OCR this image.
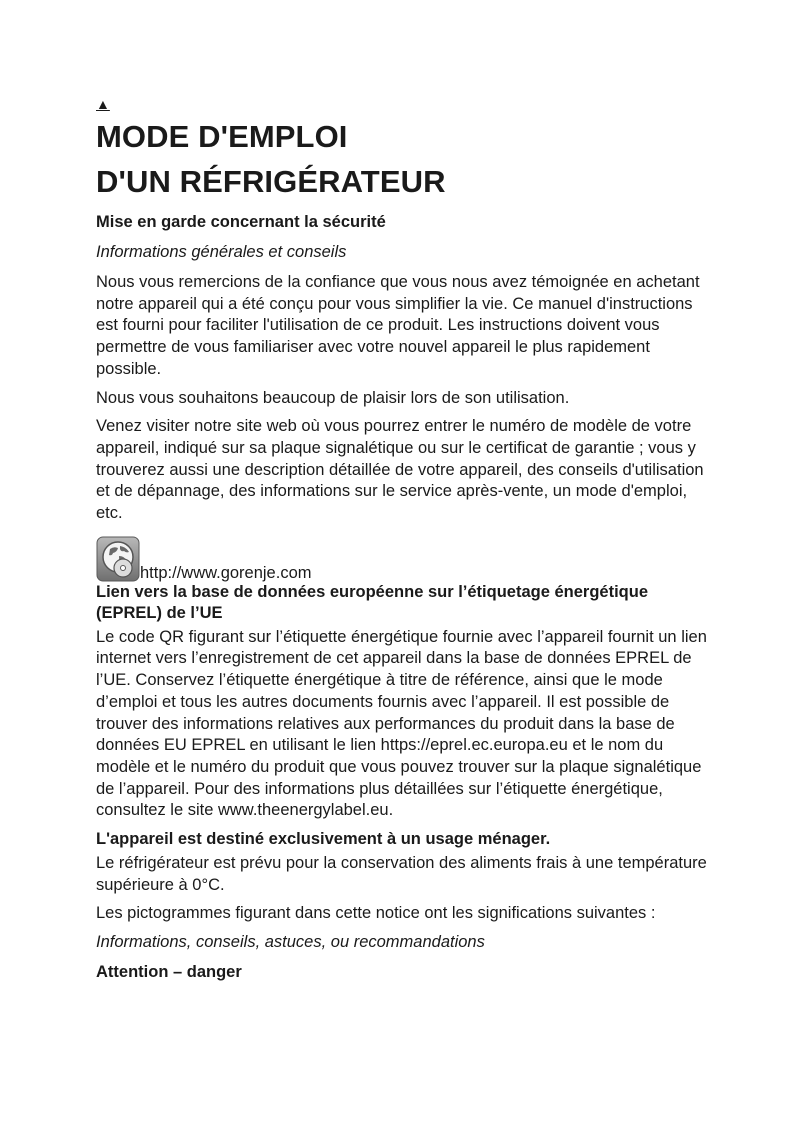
▲

MODE D'EMPLOI
D'UN RÉFRIGÉRATEUR
Mise en garde concernant la sécurité
Informations générales et conseils

Nous vous remercions de la confiance que vous nous avez témoignée en achetant notre appareil qui a été conçu pour vous simplifier la vie. Ce manuel d'instructions est fourni pour faciliter l'utilisation de ce produit. Les instructions doivent vous permettre de vous familiariser avec votre nouvel appareil le plus rapidement possible.

Nous vous souhaitons beaucoup de plaisir lors de son utilisation.

Venez visiter notre site web où vous pourrez entrer le numéro de modèle de votre appareil, indiqué sur sa plaque signalétique ou sur le certificat de garantie ; vous y trouverez aussi une description détaillée de votre appareil, des conseils d'utilisation et de dépannage, des informations sur le service après-vente, un mode d'emploi, etc.

http://www.gorenje.com
Lien vers la base de données européenne sur l’étiquetage énergétique (EPREL) de l’UE

Le code QR figurant sur l’étiquette énergétique fournie avec l’appareil fournit un lien internet vers l’enregistrement de cet appareil dans la base de données EPREL de l’UE. Conservez l’étiquette énergétique à titre de référence, ainsi que le mode d’emploi et tous les autres documents fournis avec l’appareil. Il est possible de trouver des informations relatives aux performances du produit dans la base de données EU EPREL en utilisant le lien https://eprel.ec.europa.eu et le nom du modèle et le numéro du produit que vous pouvez trouver sur la plaque signalétique de l’appareil. Pour des informations plus détaillées sur l’étiquette énergétique, consultez le site www.theenergylabel.eu.

L'appareil est destiné exclusivement à un usage ménager.

Le réfrigérateur est prévu pour la conservation des aliments frais à une température supérieure à 0°C.

Les pictogrammes figurant dans cette notice ont les significations suivantes :

Informations, conseils, astuces, ou recommandations
Attention – danger
